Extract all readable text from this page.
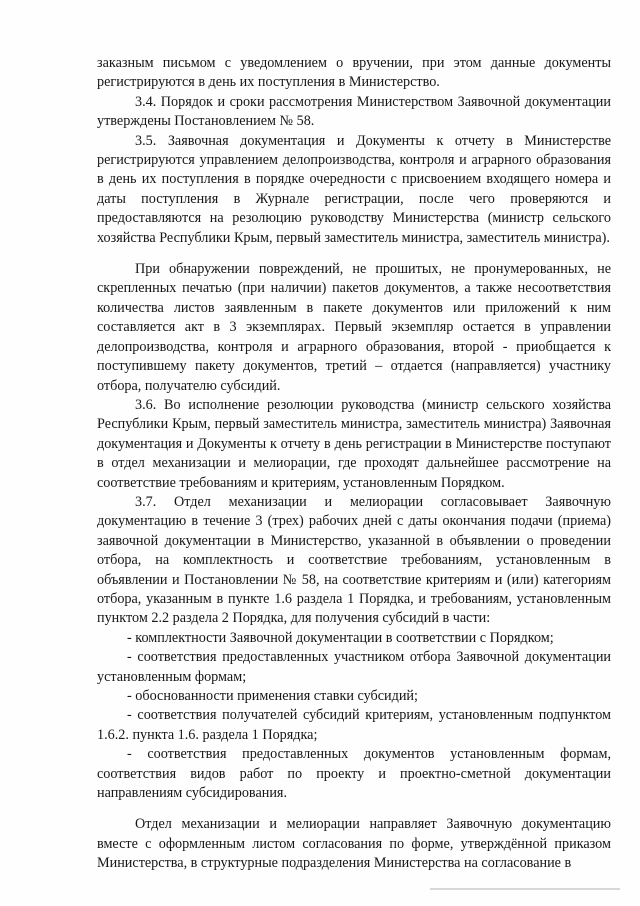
заказным письмом с уведомлением о вручении, при этом данные документы регистрируются в день их поступления в Министерство.

3.4. Порядок и сроки рассмотрения Министерством Заявочной документации утверждены Постановлением № 58.

3.5. Заявочная документация и Документы к отчету в Министерстве регистрируются управлением делопроизводства, контроля и аграрного образования в день их поступления в порядке очередности с присвоением входящего номера и даты поступления в Журнале регистрации, после чего проверяются и предоставляются на резолюцию руководству Министерства (министр сельского хозяйства Республики Крым, первый заместитель министра, заместитель министра).

При обнаружении повреждений, не прошитых, не пронумерованных, не скрепленных печатью (при наличии) пакетов документов, а также несоответствия количества листов заявленным в пакете документов или приложений к ним составляется акт в 3 экземплярах. Первый экземпляр остается в управлении делопроизводства, контроля и аграрного образования, второй - приобщается к поступившему пакету документов, третий – отдается (направляется) участнику отбора, получателю субсидий.

3.6. Во исполнение резолюции руководства (министр сельского хозяйства Республики Крым, первый заместитель министра, заместитель министра) Заявочная документация и Документы к отчету в день регистрации в Министерстве поступают в отдел механизации и мелиорации, где проходят дальнейшее рассмотрение на соответствие требованиям и критериям, установленным Порядком.

3.7. Отдел механизации и мелиорации согласовывает Заявочную документацию в течение 3 (трех) рабочих дней с даты окончания подачи (приема) заявочной документации в Министерство, указанной в объявлении о проведении отбора, на комплектность и соответствие требованиям, установленным в объявлении и Постановлении № 58, на соответствие критериям и (или) категориям отбора, указанным в пункте 1.6 раздела 1 Порядка, и требованиям, установленным пунктом 2.2 раздела 2 Порядка, для получения субсидий в части:

- комплектности Заявочной документации в соответствии с Порядком;

- соответствия предоставленных участником отбора Заявочной документации установленным формам;

- обоснованности применения ставки субсидий;

- соответствия получателей субсидий критериям, установленным подпунктом 1.6.2. пункта 1.6. раздела 1 Порядка;

- соответствия предоставленных документов установленным формам, соответствия видов работ по проекту и проектно-сметной документации направлениям субсидирования.

Отдел механизации и мелиорации направляет Заявочную документацию вместе с оформленным листом согласования по форме, утверждённой приказом Министерства, в структурные подразделения Министерства на согласование в
